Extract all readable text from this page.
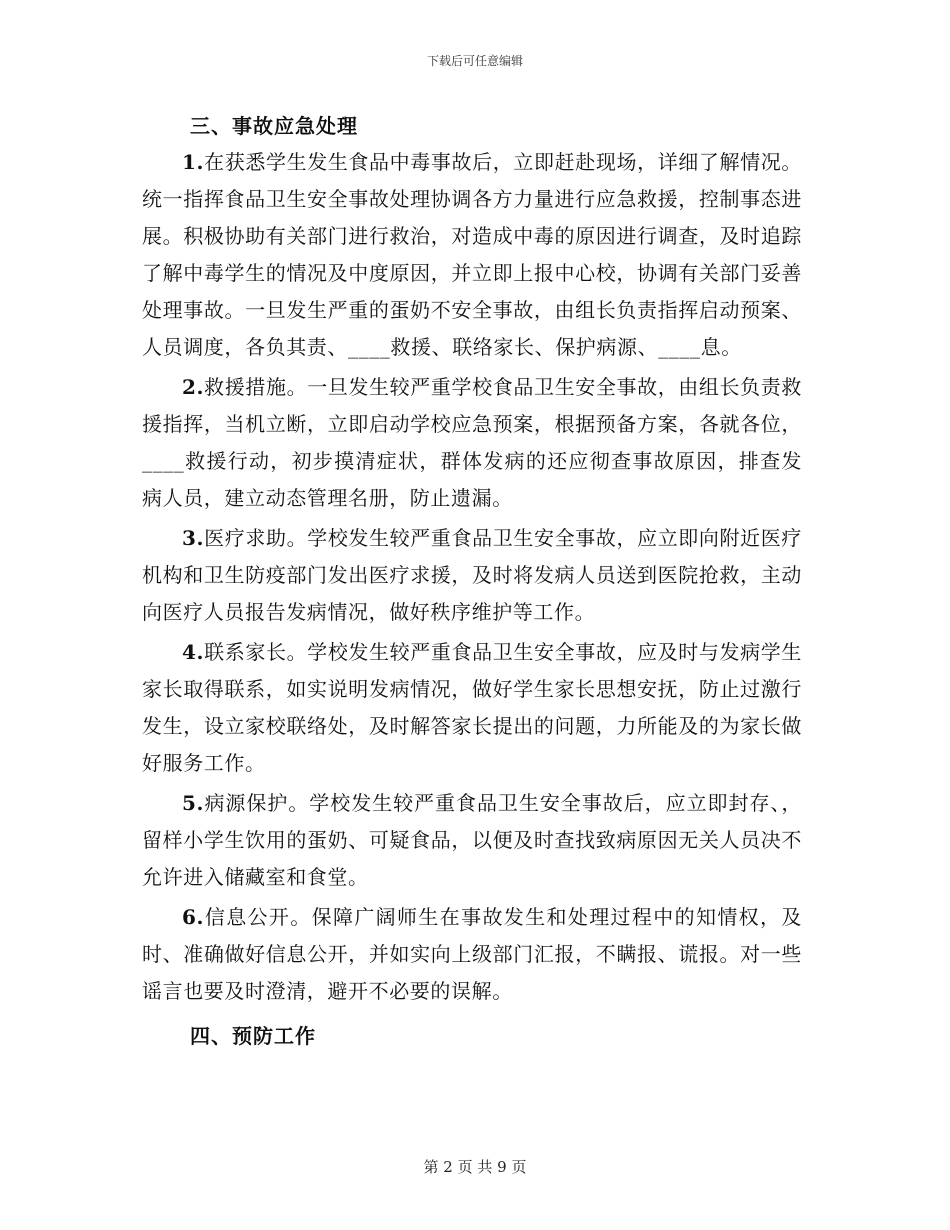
下载后可任意编辑
三、事故应急处理

1.在获悉学生发生食品中毒事故后，立即赶赴现场，详细了解情况。统一指挥食品卫生安全事故处理协调各方力量进行应急救援，控制事态进展。积极协助有关部门进行救治，对造成中毒的原因进行调查，及时追踪了解中毒学生的情况及中度原因，并立即上报中心校，协调有关部门妥善处理事故。一旦发生严重的蛋奶不安全事故，由组长负责指挥启动预案、人员调度，各负其责、____救援、联络家长、保护病源、____息。

2.救援措施。一旦发生较严重学校食品卫生安全事故，由组长负责救援指挥，当机立断，立即启动学校应急预案，根据预备方案，各就各位，____救援行动，初步摸清症状，群体发病的还应彻查事故原因，排查发病人员，建立动态管理名册，防止遗漏。

3.医疗求助。学校发生较严重食品卫生安全事故，应立即向附近医疗机构和卫生防疫部门发出医疗求援，及时将发病人员送到医院抢救，主动向医疗人员报告发病情况，做好秩序维护等工作。

4.联系家长。学校发生较严重食品卫生安全事故，应及时与发病学生家长取得联系，如实说明发病情况，做好学生家长思想安抚，防止过激行发生，设立家校联络处，及时解答家长提出的问题，力所能及的为家长做好服务工作。

5.病源保护。学校发生较严重食品卫生安全事故后，应立即封存、，留样小学生饮用的蛋奶、可疑食品，以便及时查找致病原因无关人员决不允许进入储藏室和食堂。

6.信息公开。保障广阔师生在事故发生和处理过程中的知情权，及时、准确做好信息公开，并如实向上级部门汇报，不瞒报、谎报。对一些谣言也要及时澄清，避开不必要的误解。

四、预防工作
第 2 页 共 9 页
